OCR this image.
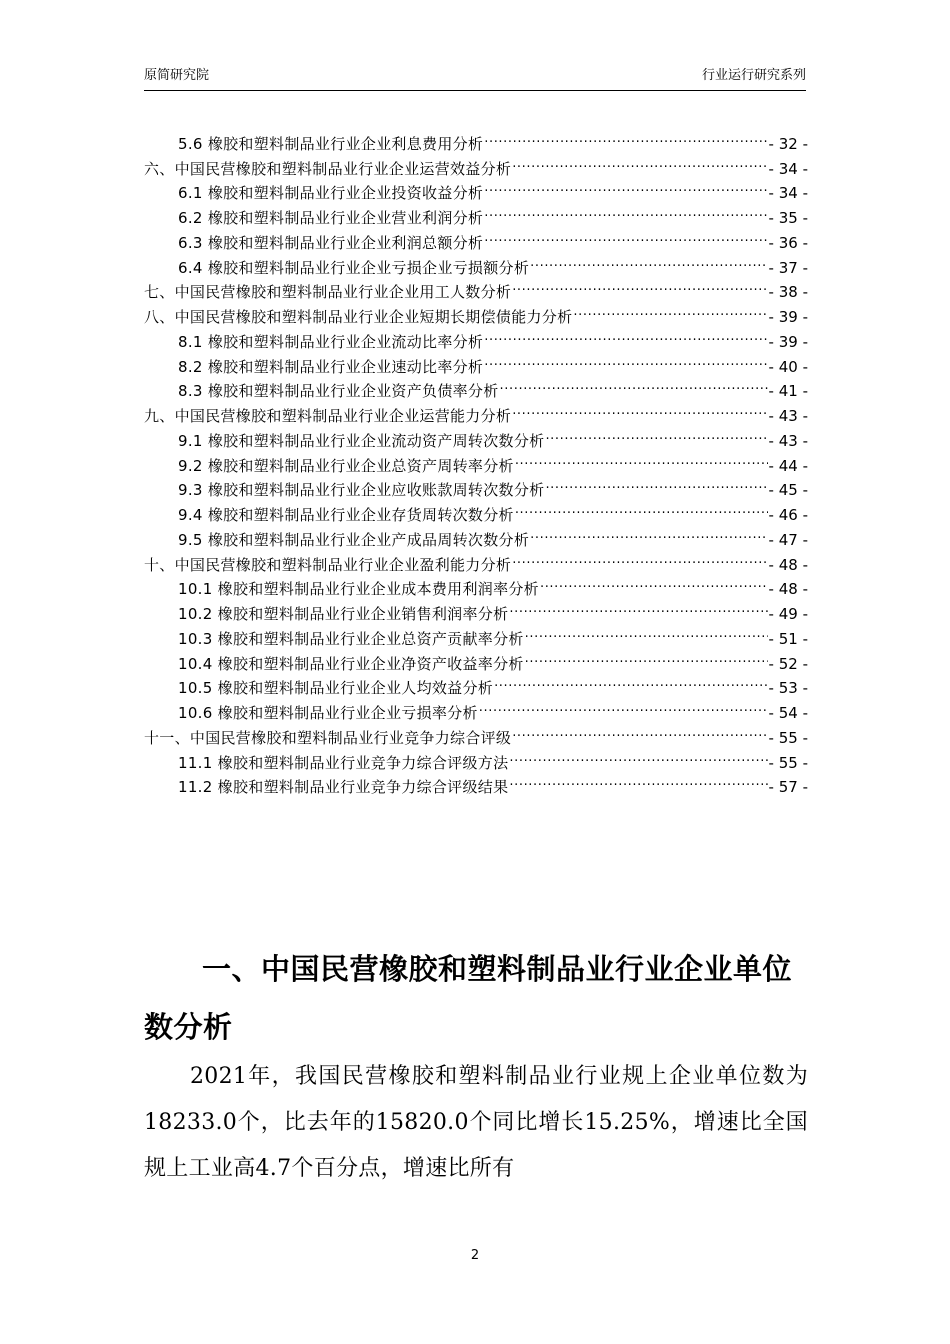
原简研究院	行业运行研究系列
5.6 橡胶和塑料制品业行业企业利息费用分析 .....	- 32 -
六、中国民营橡胶和塑料制品业行业企业运营效益分析 .....	- 34 -
6.1 橡胶和塑料制品业行业企业投资收益分析 .....	- 34 -
6.2 橡胶和塑料制品业行业企业营业利润分析 .....	- 35 -
6.3 橡胶和塑料制品业行业企业利润总额分析 .....	- 36 -
6.4 橡胶和塑料制品业行业企业亏损企业亏损额分析 .....	- 37 -
七、中国民营橡胶和塑料制品业行业企业用工人数分析 .....	- 38 -
八、中国民营橡胶和塑料制品业行业企业短期长期偿债能力分析 .....	- 39 -
8.1 橡胶和塑料制品业行业企业流动比率分析 .....	- 39 -
8.2 橡胶和塑料制品业行业企业速动比率分析 .....	- 40 -
8.3 橡胶和塑料制品业行业企业资产负债率分析 .....	- 41 -
九、中国民营橡胶和塑料制品业行业企业运营能力分析 .....	- 43 -
9.1 橡胶和塑料制品业行业企业流动资产周转次数分析 .....	- 43 -
9.2 橡胶和塑料制品业行业企业总资产周转率分析 .....	- 44 -
9.3 橡胶和塑料制品业行业企业应收账款周转次数分析 .....	- 45 -
9.4 橡胶和塑料制品业行业企业存货周转次数分析 .....	- 46 -
9.5 橡胶和塑料制品业行业企业产成品周转次数分析 .....	- 47 -
十、中国民营橡胶和塑料制品业行业企业盈利能力分析 .....	- 48 -
10.1 橡胶和塑料制品业行业企业成本费用利润率分析 .....	- 48 -
10.2 橡胶和塑料制品业行业企业销售利润率分析 .....	- 49 -
10.3 橡胶和塑料制品业行业企业总资产贡献率分析 .....	- 51 -
10.4 橡胶和塑料制品业行业企业净资产收益率分析 .....	- 52 -
10.5 橡胶和塑料制品业行业企业人均效益分析 .....	- 53 -
10.6 橡胶和塑料制品业行业企业亏损率分析 .....	- 54 -
十一、中国民营橡胶和塑料制品业行业竞争力综合评级 .....	- 55 -
11.1 橡胶和塑料制品业行业竞争力综合评级方法 .....	- 55 -
11.2 橡胶和塑料制品业行业竞争力综合评级结果 .....	- 57 -
一、中国民营橡胶和塑料制品业行业企业单位数分析

2021年，我国民营橡胶和塑料制品业行业规上企业单位数为18233.0个，比去年的15820.0个同比增长15.25%，增速比全国规上工业高4.7个百分点，增速比所有

2
